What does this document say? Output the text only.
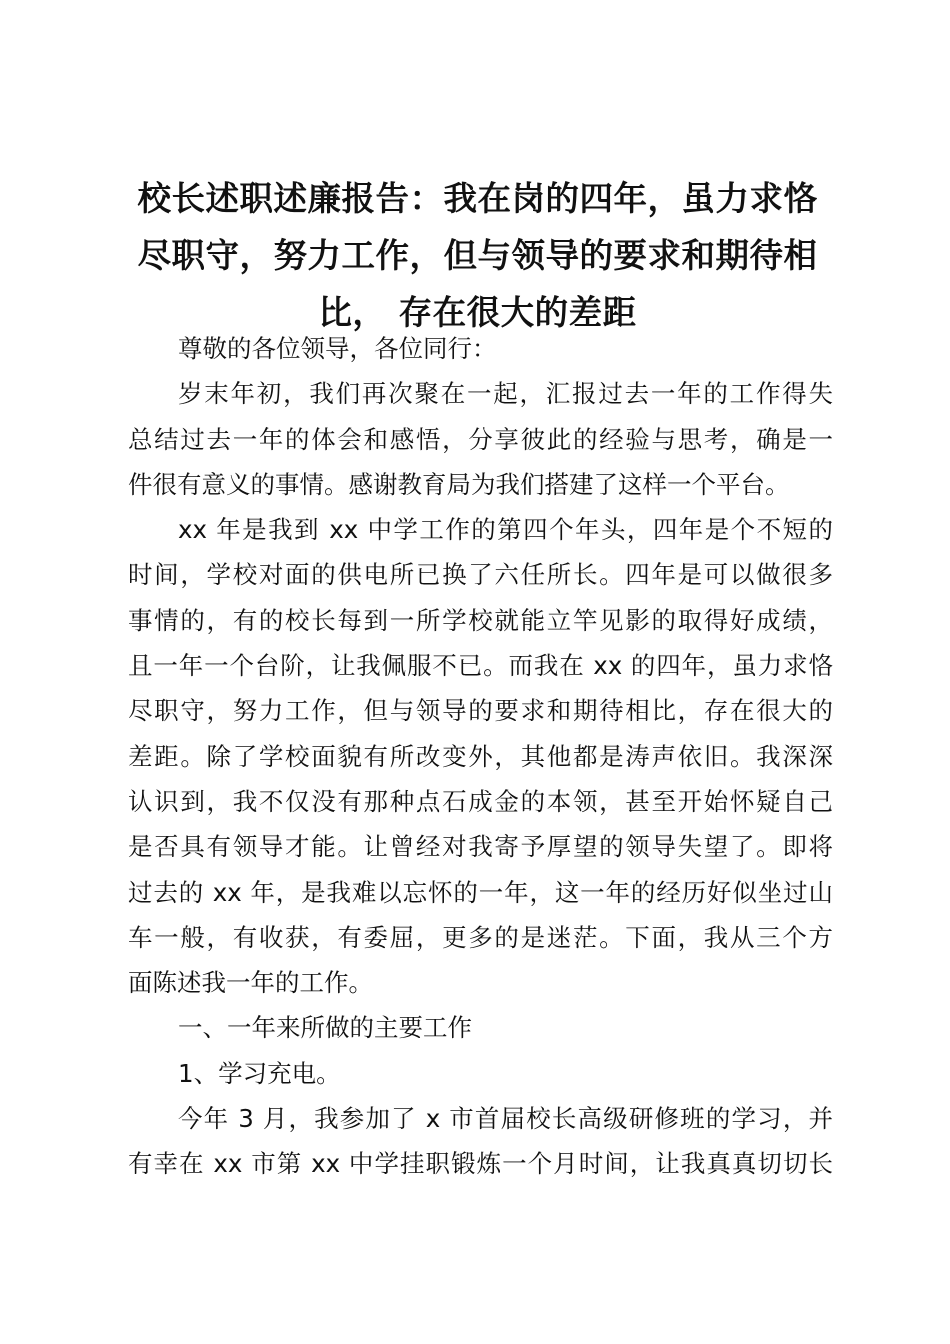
校长述职述廉报告：我在岗的四年，虽力求恪
尽职守，努力工作，但与领导的要求和期待相
比， 存在很大的差距
尊敬的各位领导，各位同行：
岁末年初，我们再次聚在一起，汇报过去一年的工作得失
总结过去一年的体会和感悟，分享彼此的经验与思考，确是一
件很有意义的事情。感谢教育局为我们搭建了这样一个平台。
xx 年是我到 xx 中学工作的第四个年头，四年是个不短的
时间，学校对面的供电所已换了六任所长。四年是可以做很多
事情的，有的校长每到一所学校就能立竿见影的取得好成绩，
且一年一个台阶，让我佩服不已。而我在 xx 的四年，虽力求恪
尽职守，努力工作，但与领导的要求和期待相比，存在很大的
差距。除了学校面貌有所改变外，其他都是涛声依旧。我深深
认识到，我不仅没有那种点石成金的本领，甚至开始怀疑自己
是否具有领导才能。让曾经对我寄予厚望的领导失望了。即将
过去的 xx 年，是我难以忘怀的一年，这一年的经历好似坐过山
车一般，有收获，有委屈，更多的是迷茫。下面，我从三个方
面陈述我一年的工作。
一、一年来所做的主要工作
1、学习充电。
今年 3 月，我参加了 x 市首届校长高级研修班的学习，并
有幸在 xx 市第 xx 中学挂职锻炼一个月时间，让我真真切切长
